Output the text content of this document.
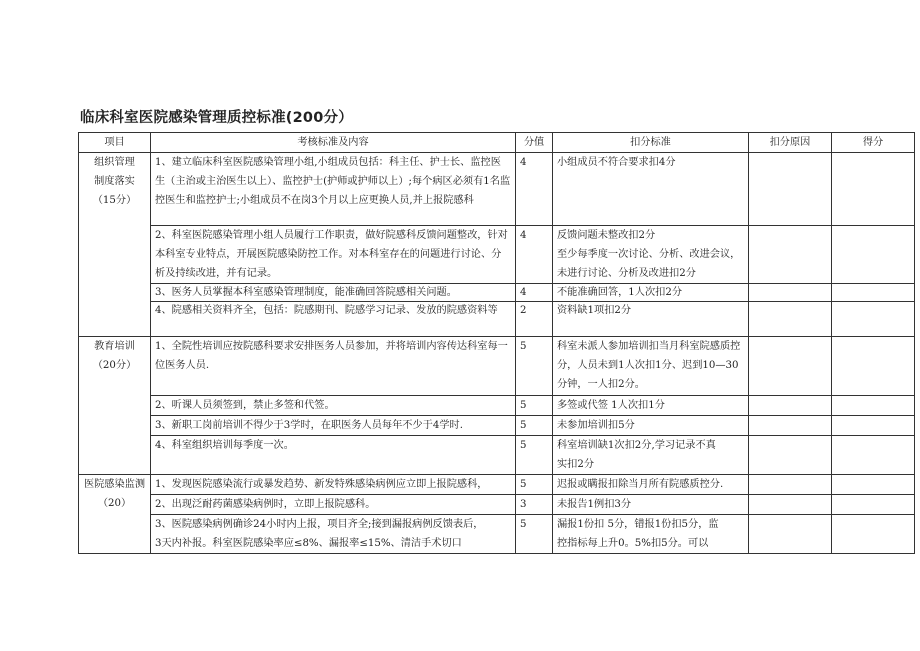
临床科室医院感染管理质控标准(200分）
项目	考核标准及内容	分值	扣分标准	扣分原因	得分
组织管理
制度落实
（15分）	1、建立临床科室医院感染管理小组,小组成员包括：科主任、护士长、监控医生（主治或主治医生以上）、监控护士(护师或护师以上）;每个病区必须有1名监控医生和监控护士;小组成员不在岗3个月以上应更换人员,并上报院感科	4	小组成员不符合要求扣4分		
	2、科室医院感染管理小组人员履行工作职责，做好院感科反馈问题整改，针对本科室专业特点，开展医院感染防控工作。对本科室存在的问题进行讨论、分析及持续改进，并有记录。	4	反馈问题未整改扣2分
至少每季度一次讨论、分析、改进会议，
未进行讨论、分析及改进扣2分		
	3、医务人员掌握本科室感染管理制度，能准确回答院感相关问题。	4	不能准确回答，1人次扣2分		
	4、院感相关资料齐全，包括：院感期刊、院感学习记录、发放的院感资料等	2	资料缺1项扣2分		
教育培训
（20分）	1、全院性培训应按院感科要求安排医务人员参加，并将培训内容传达科室每一位医务人员.	5	科室未派人参加培训扣当月科室院感质控分，人员未到1人次扣1分、迟到10—30分钟，一人扣2分。		
	2、听课人员须签到，禁止多签和代签。	5	多签或代签 1人次扣1分		
	3、新职工岗前培训不得少于3学时，在职医务人员每年不少于4学时.	5	未参加培训扣5分		
	4、科室组织培训每季度一次。	5	科室培训缺1次扣2分,学习记录不真
实扣2分		
医院感染监测
（20）	1、发现医院感染流行或暴发趋势、新发特殊感染病例应立即上报院感科，	5	迟报或瞒报扣除当月所有院感质控分.		
	2、出现泛耐药菌感染病例时，立即上报院感科。	3	未报告1例扣3分		
	3、医院感染病例确诊24小时内上报，项目齐全;接到漏报病例反馈表后，
3天内补报。科室医院感染率应≤8%、漏报率≤15%、清洁手术切口	5	漏报1份扣 5分，错报1份扣5分，监
控指标每上升0。5%扣5分。可以		
